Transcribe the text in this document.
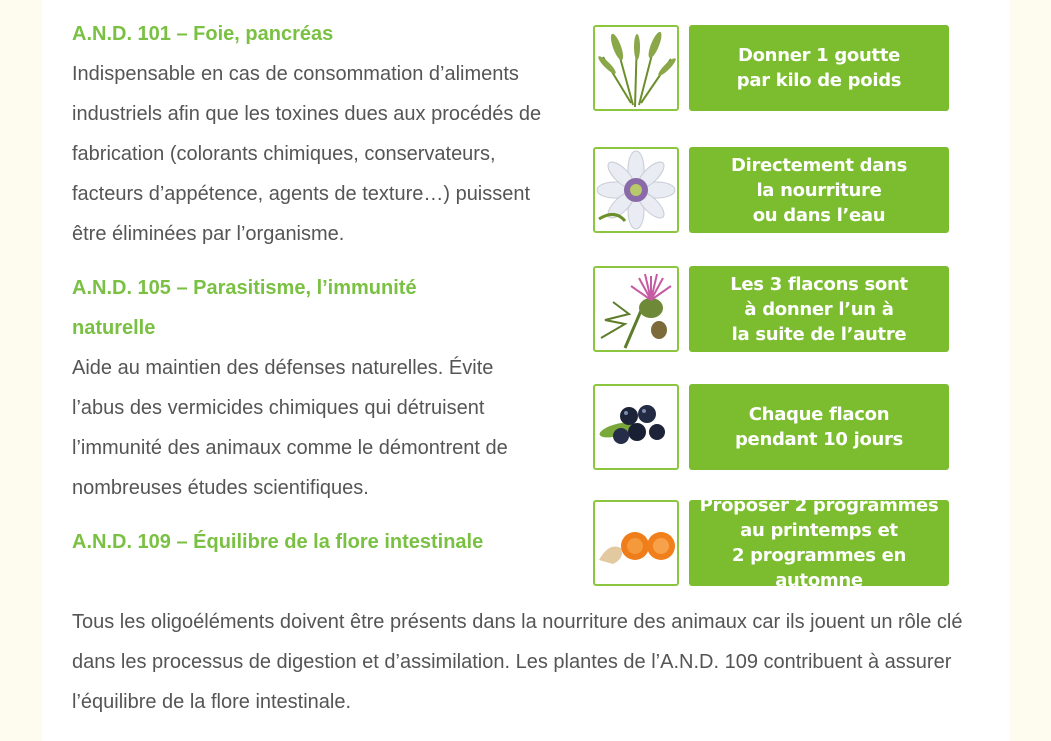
A.N.D. 101 – Foie, pancréas

Indispensable en cas de consommation d’aliments industriels afin que les toxines dues aux procédés de fabrication (colorants chimiques, conservateurs, facteurs d’appétence, agents de texture…) puissent être éliminées par l’organisme.

A.N.D. 105 – Parasitisme, l’immunité naturelle

Aide au maintien des défenses naturelles. Évite l’abus des vermicides chimiques qui détruisent l’immunité des animaux comme le démontrent de nombreuses études scientifiques.

A.N.D. 109 – Équilibre de la flore intestinale

Tous les oligoéléments doivent être présents dans la nourriture des animaux car ils jouent un rôle clé dans les processus de digestion et d’assimilation. Les plantes de l’A.N.D. 109 contribuent à assurer l’équilibre de la flore intestinale.

Donner 1 goutte
par kilo de poids
Directement dans
la nourriture
ou dans l’eau
Les 3 flacons sont
à donner l’un à
la suite de l’autre
Chaque flacon
pendant 10 jours
Proposer 2 programmes
au printemps et
2 programmes en automne
